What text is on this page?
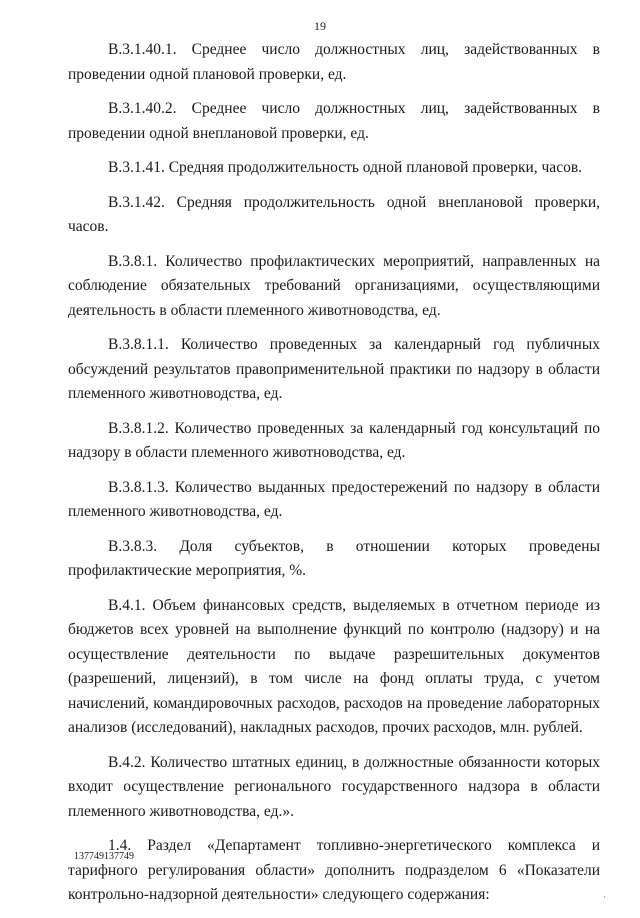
19

В.3.1.40.1. Среднее число должностных лиц, задействованных в проведении одной плановой проверки, ед.

В.3.1.40.2. Среднее число должностных лиц, задействованных в проведении одной внеплановой проверки, ед.

В.3.1.41. Средняя продолжительность одной плановой проверки, часов.

В.3.1.42. Средняя продолжительность одной внеплановой проверки, часов.

В.3.8.1. Количество профилактических мероприятий, направленных на соблюдение обязательных требований организациями, осуществляющими деятельность в области племенного животноводства, ед.

В.3.8.1.1. Количество проведенных за календарный год публичных обсуждений результатов правоприменительной практики по надзору в области племенного животноводства, ед.

В.3.8.1.2. Количество проведенных за календарный год консультаций по надзору в области племенного животноводства, ед.

В.3.8.1.3. Количество выданных предостережений по надзору в области племенного животноводства, ед.

В.3.8.3. Доля субъектов, в отношении которых проведены профилактические мероприятия, %.

В.4.1. Объем финансовых средств, выделяемых в отчетном периоде из бюджетов всех уровней на выполнение функций по контролю (надзору) и на осуществление деятельности по выдаче разрешительных документов (разрешений, лицензий), в том числе на фонд оплаты труда, с учетом начислений, командировочных расходов, расходов на проведение лабораторных анализов (исследований), накладных расходов, прочих расходов, млн. рублей.

В.4.2. Количество штатных единиц, в должностные обязанности которых входит осуществление регионального государственного надзора в области племенного животноводства, ед.».

1.4. Раздел «Департамент топливно-энергетического комплекса и тарифного регулирования области» дополнить подразделом 6 «Показатели контрольно-надзорной деятельности» следующего содержания:

137749137749
·
